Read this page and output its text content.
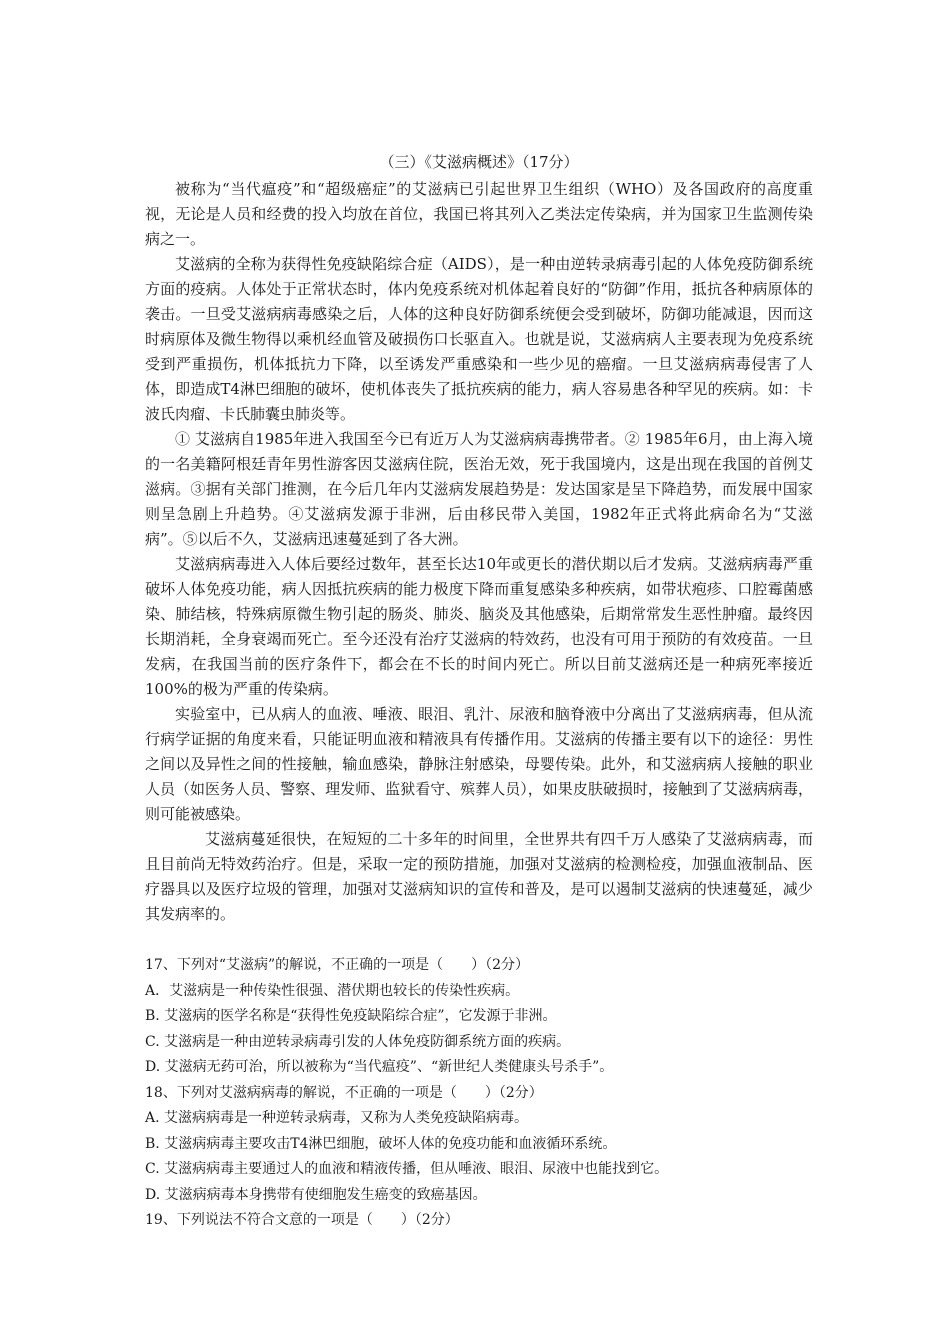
（三）《艾滋病概述》（17分）

被称为“当代瘟疫”和“超级癌症”的艾滋病已引起世界卫生组织（WHO）及各国政府的高度重视，无论是人员和经费的投入均放在首位，我国已将其列入乙类法定传染病，并为国家卫生监测传染病之一。

艾滋病的全称为获得性免疫缺陷综合症（AIDS），是一种由逆转录病毒引起的人体免疫防御系统方面的疫病。人体处于正常状态时，体内免疫系统对机体起着良好的“防御”作用，抵抗各种病原体的袭击。一旦受艾滋病病毒感染之后，人体的这种良好防御系统便会受到破坏，防御功能减退，因而这时病原体及微生物得以乘机经血管及破损伤口长驱直入。也就是说，艾滋病病人主要表现为免疫系统受到严重损伤，机体抵抗力下降，以至诱发严重感染和一些少见的癌瘤。一旦艾滋病病毒侵害了人体，即造成T4淋巴细胞的破坏，使机体丧失了抵抗疾病的能力，病人容易患各种罕见的疾病。如：卡波氏肉瘤、卡氏肺囊虫肺炎等。

① 艾滋病自1985年进入我国至今已有近万人为艾滋病病毒携带者。② 1985年6月，由上海入境的一名美籍阿根廷青年男性游客因艾滋病住院，医治无效，死于我国境内，这是出现在我国的首例艾滋病。③据有关部门推测，在今后几年内艾滋病发展趋势是：发达国家是呈下降趋势，而发展中国家则呈急剧上升趋势。④艾滋病发源于非洲，后由移民带入美国，1982年正式将此病命名为“艾滋病”。⑤以后不久，艾滋病迅速蔓延到了各大洲。

艾滋病病毒进入人体后要经过数年，甚至长达10年或更长的潜伏期以后才发病。艾滋病病毒严重破坏人体免疫功能，病人因抵抗疾病的能力极度下降而重复感染多种疾病，如带状疱疹、口腔霉菌感染、肺结核，特殊病原微生物引起的肠炎、肺炎、脑炎及其他感染，后期常常发生恶性肿瘤。最终因长期消耗，全身衰竭而死亡。至今还没有治疗艾滋病的特效药，也没有可用于预防的有效疫苗。一旦发病，在我国当前的医疗条件下，都会在不长的时间内死亡。所以目前艾滋病还是一种病死率接近100%的极为严重的传染病。

实验室中，已从病人的血液、唾液、眼泪、乳汁、尿液和脑脊液中分离出了艾滋病病毒，但从流行病学证据的角度来看，只能证明血液和精液具有传播作用。艾滋病的传播主要有以下的途径：男性之间以及异性之间的性接触，输血感染，静脉注射感染，母婴传染。此外，和艾滋病病人接触的职业人员（如医务人员、警察、理发师、监狱看守、殡葬人员），如果皮肤破损时，接触到了艾滋病病毒，则可能被感染。

艾滋病蔓延很快，在短短的二十多年的时间里，全世界共有四千万人感染了艾滋病病毒，而且目前尚无特效药治疗。但是，采取一定的预防措施，加强对艾滋病的检测检疫，加强血液制品、医疗器具以及医疗垃圾的管理，加强对艾滋病知识的宣传和普及，是可以遏制艾滋病的快速蔓延，减少其发病率的。

17、下列对“艾滋病”的解说，不正确的一项是（　　）（2分）

A．艾滋病是一种传染性很强、潜伏期也较长的传染性疾病。

B. 艾滋病的医学名称是“获得性免疫缺陷综合症”，它发源于非洲。

C. 艾滋病是一种由逆转录病毒引发的人体免疫防御系统方面的疾病。

D. 艾滋病无药可治，所以被称为“当代瘟疫”、“新世纪人类健康头号杀手”。

18、下列对艾滋病病毒的解说，不正确的一项是（　　）（2分）

A. 艾滋病病毒是一种逆转录病毒，又称为人类免疫缺陷病毒。

B. 艾滋病病毒主要攻击T4淋巴细胞，破坏人体的免疫功能和血液循环系统。

C. 艾滋病病毒主要通过人的血液和精液传播，但从唾液、眼泪、尿液中也能找到它。

D. 艾滋病病毒本身携带有使细胞发生癌变的致癌基因。

19、下列说法不符合文意的一项是（　　）（2分）
